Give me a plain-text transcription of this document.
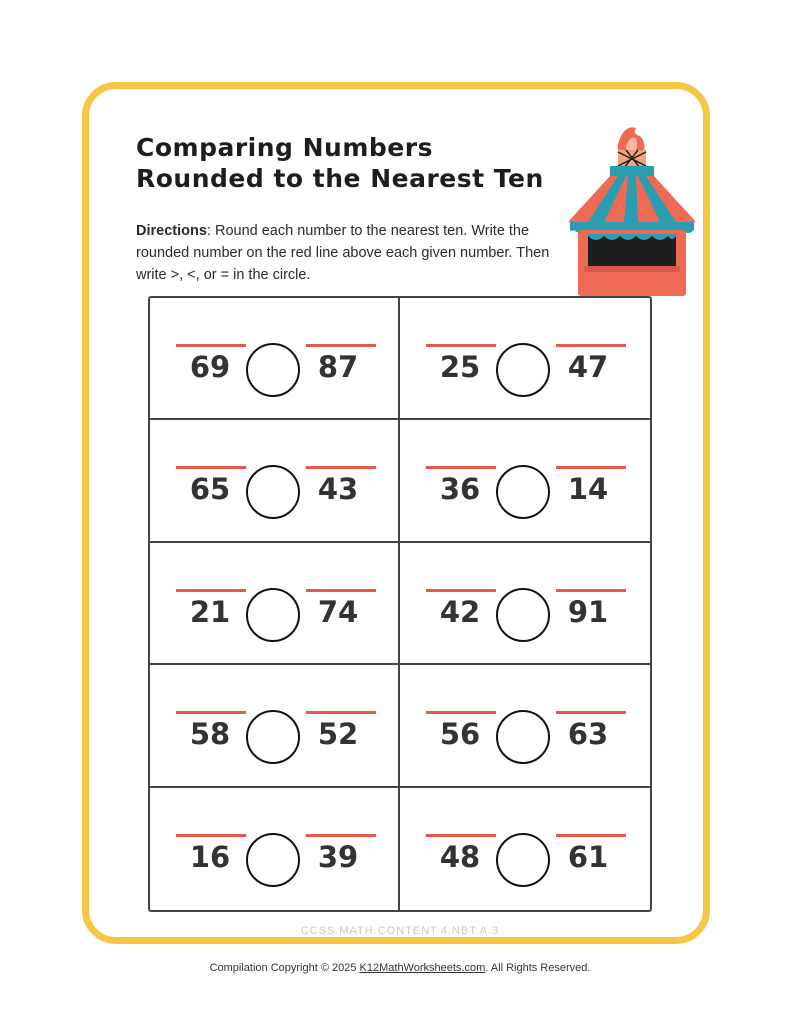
Comparing Numbers
Rounded to the Nearest Ten
Directions: Round each number to the nearest ten. Write the rounded number on the red line above each given number. Then write >, <, or = in the circle.
69	87	25	47
65	43	36	14
21	74	42	91
58	52	56	63
16	39	48	61
CCSS.MATH.CONTENT.4.NBT.A.3
Compilation Copyright © 2025 K12MathWorksheets.com. All Rights Reserved.
